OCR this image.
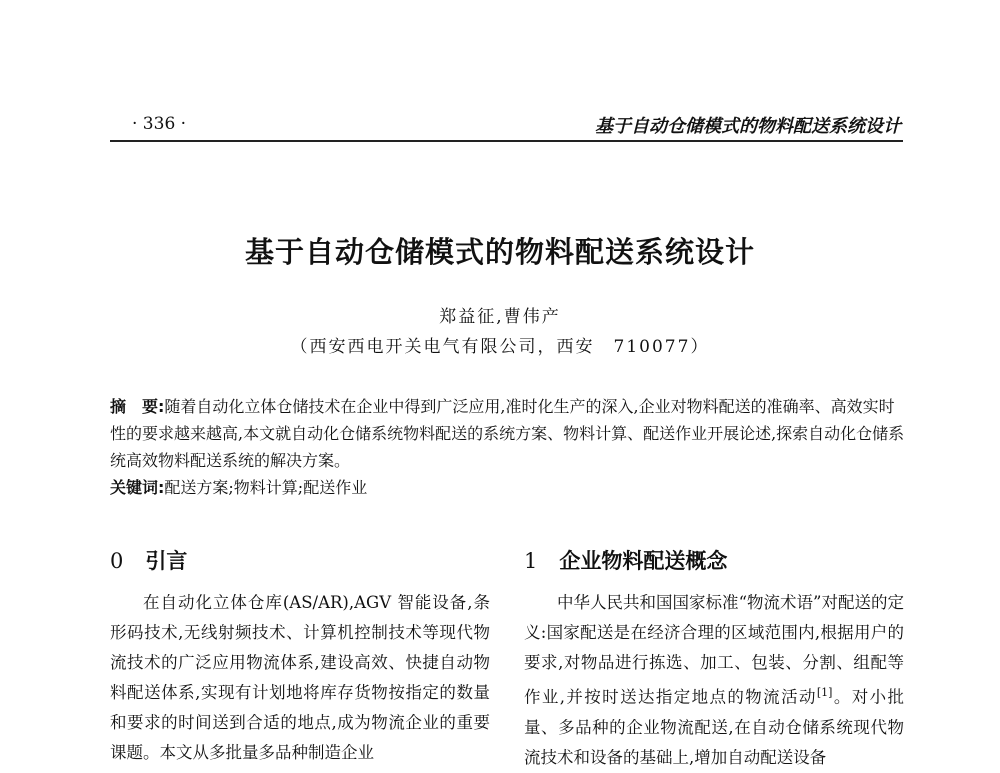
· 336 ·	基于自动仓储模式的物料配送系统设计
基于自动仓储模式的物料配送系统设计
郑益征,曹伟产
（西安西电开关电气有限公司，西安　710077）

摘　要:随着自动化立体仓储技术在企业中得到广泛应用,准时化生产的深入,企业对物料配送的准确率、高效实时性的要求越来越高,本文就自动化仓储系统物料配送的系统方案、物料计算、配送作业开展论述,探索自动化仓储系统高效物料配送系统的解决方案。

关键词:配送方案;物料计算;配送作业

0 引言

在自动化立体仓库(AS/AR),AGV 智能设备,条形码技术,无线射频技术、计算机控制技术等现代物流技术的广泛应用物流体系,建设高效、快捷自动物料配送体系,实现有计划地将库存货物按指定的数量和要求的时间送到合适的地点,成为物流企业的重要课题。本文从多批量多品种制造企业

1 企业物料配送概念

中华人民共和国国家标准“物流术语”对配送的定义:国家配送是在经济合理的区域范围内,根据用户的要求,对物品进行拣选、加工、包装、分割、组配等作业,并按时送达指定地点的物流活动[1]。对小批量、多品种的企业物流配送,在自动仓储系统现代物流技术和设备的基础上,增加自动配送设备
